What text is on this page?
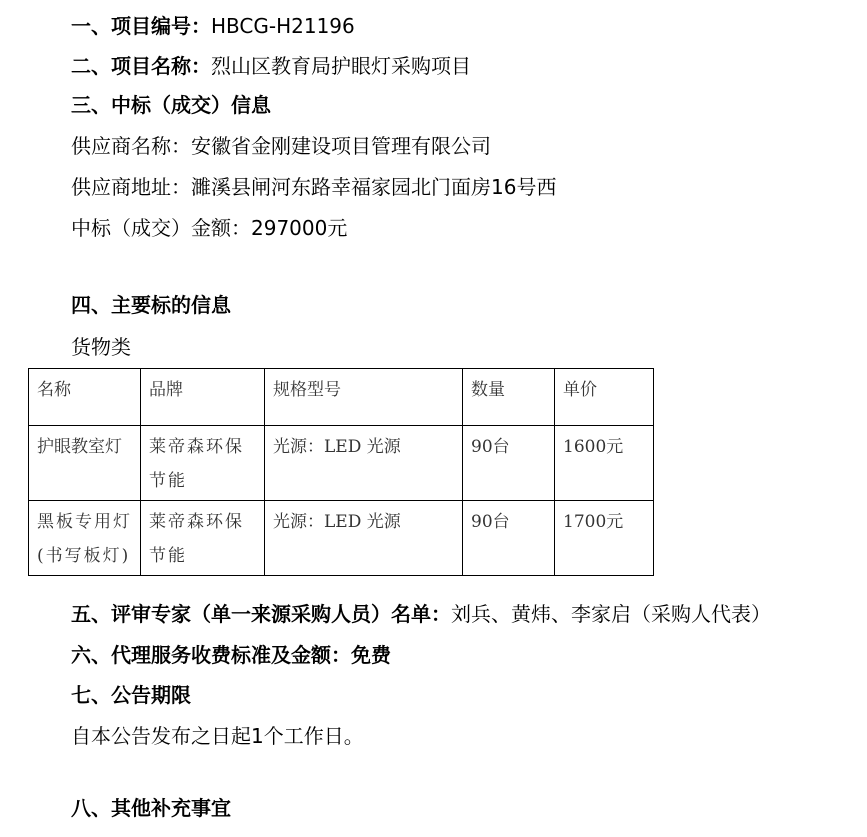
一、项目编号：HBCG-H21196
二、项目名称：烈山区教育局护眼灯采购项目
三、中标（成交）信息
供应商名称：安徽省金刚建设项目管理有限公司
供应商地址：濉溪县闸河东路幸福家园北门面房16号西
中标（成交）金额：297000元
四、主要标的信息
货物类
名称	品牌	规格型号	数量	单价
护眼教室灯	莱帝森环保节能	光源：LED 光源	90台	1600元
黑板专用灯(书写板灯)	莱帝森环保节能	光源：LED 光源	90台	1700元
五、评审专家（单一来源采购人员）名单：刘兵、黄炜、李家启（采购人代表）
六、代理服务收费标准及金额：免费
七、公告期限
自本公告发布之日起1个工作日。
八、其他补充事宜
